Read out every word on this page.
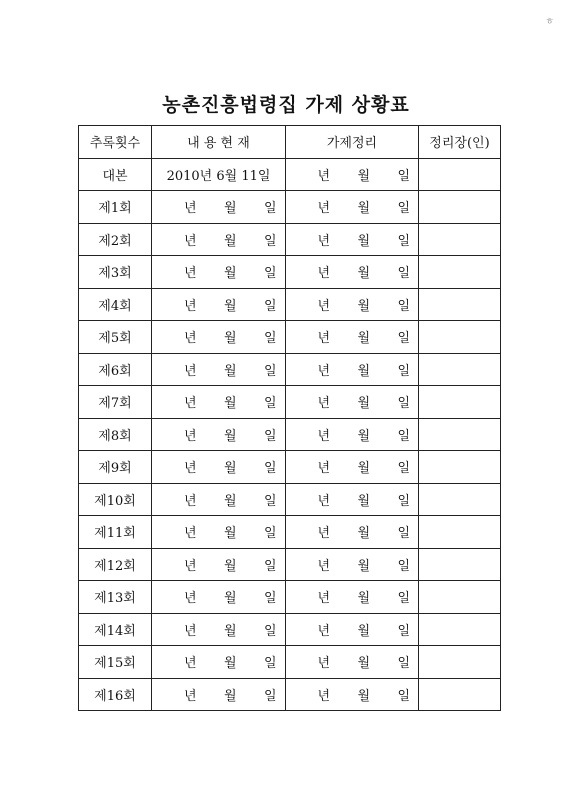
ㅎ
농촌진흥법령집 가제 상황표
추록횟수	내 용 현 재	가제정리	정리장(인)
대본	2010년 6월 11일	년 월 일	

제1회	년 월 일	년 월 일	

제2회	년 월 일	년 월 일	

제3회	년 월 일	년 월 일	

제4회	년 월 일	년 월 일	

제5회	년 월 일	년 월 일	

제6회	년 월 일	년 월 일	

제7회	년 월 일	년 월 일	

제8회	년 월 일	년 월 일	

제9회	년 월 일	년 월 일	

제10회	년 월 일	년 월 일	

제11회	년 월 일	년 월 일	

제12회	년 월 일	년 월 일	

제13회	년 월 일	년 월 일	

제14회	년 월 일	년 월 일	

제15회	년 월 일	년 월 일	

제16회	년 월 일	년 월 일	
